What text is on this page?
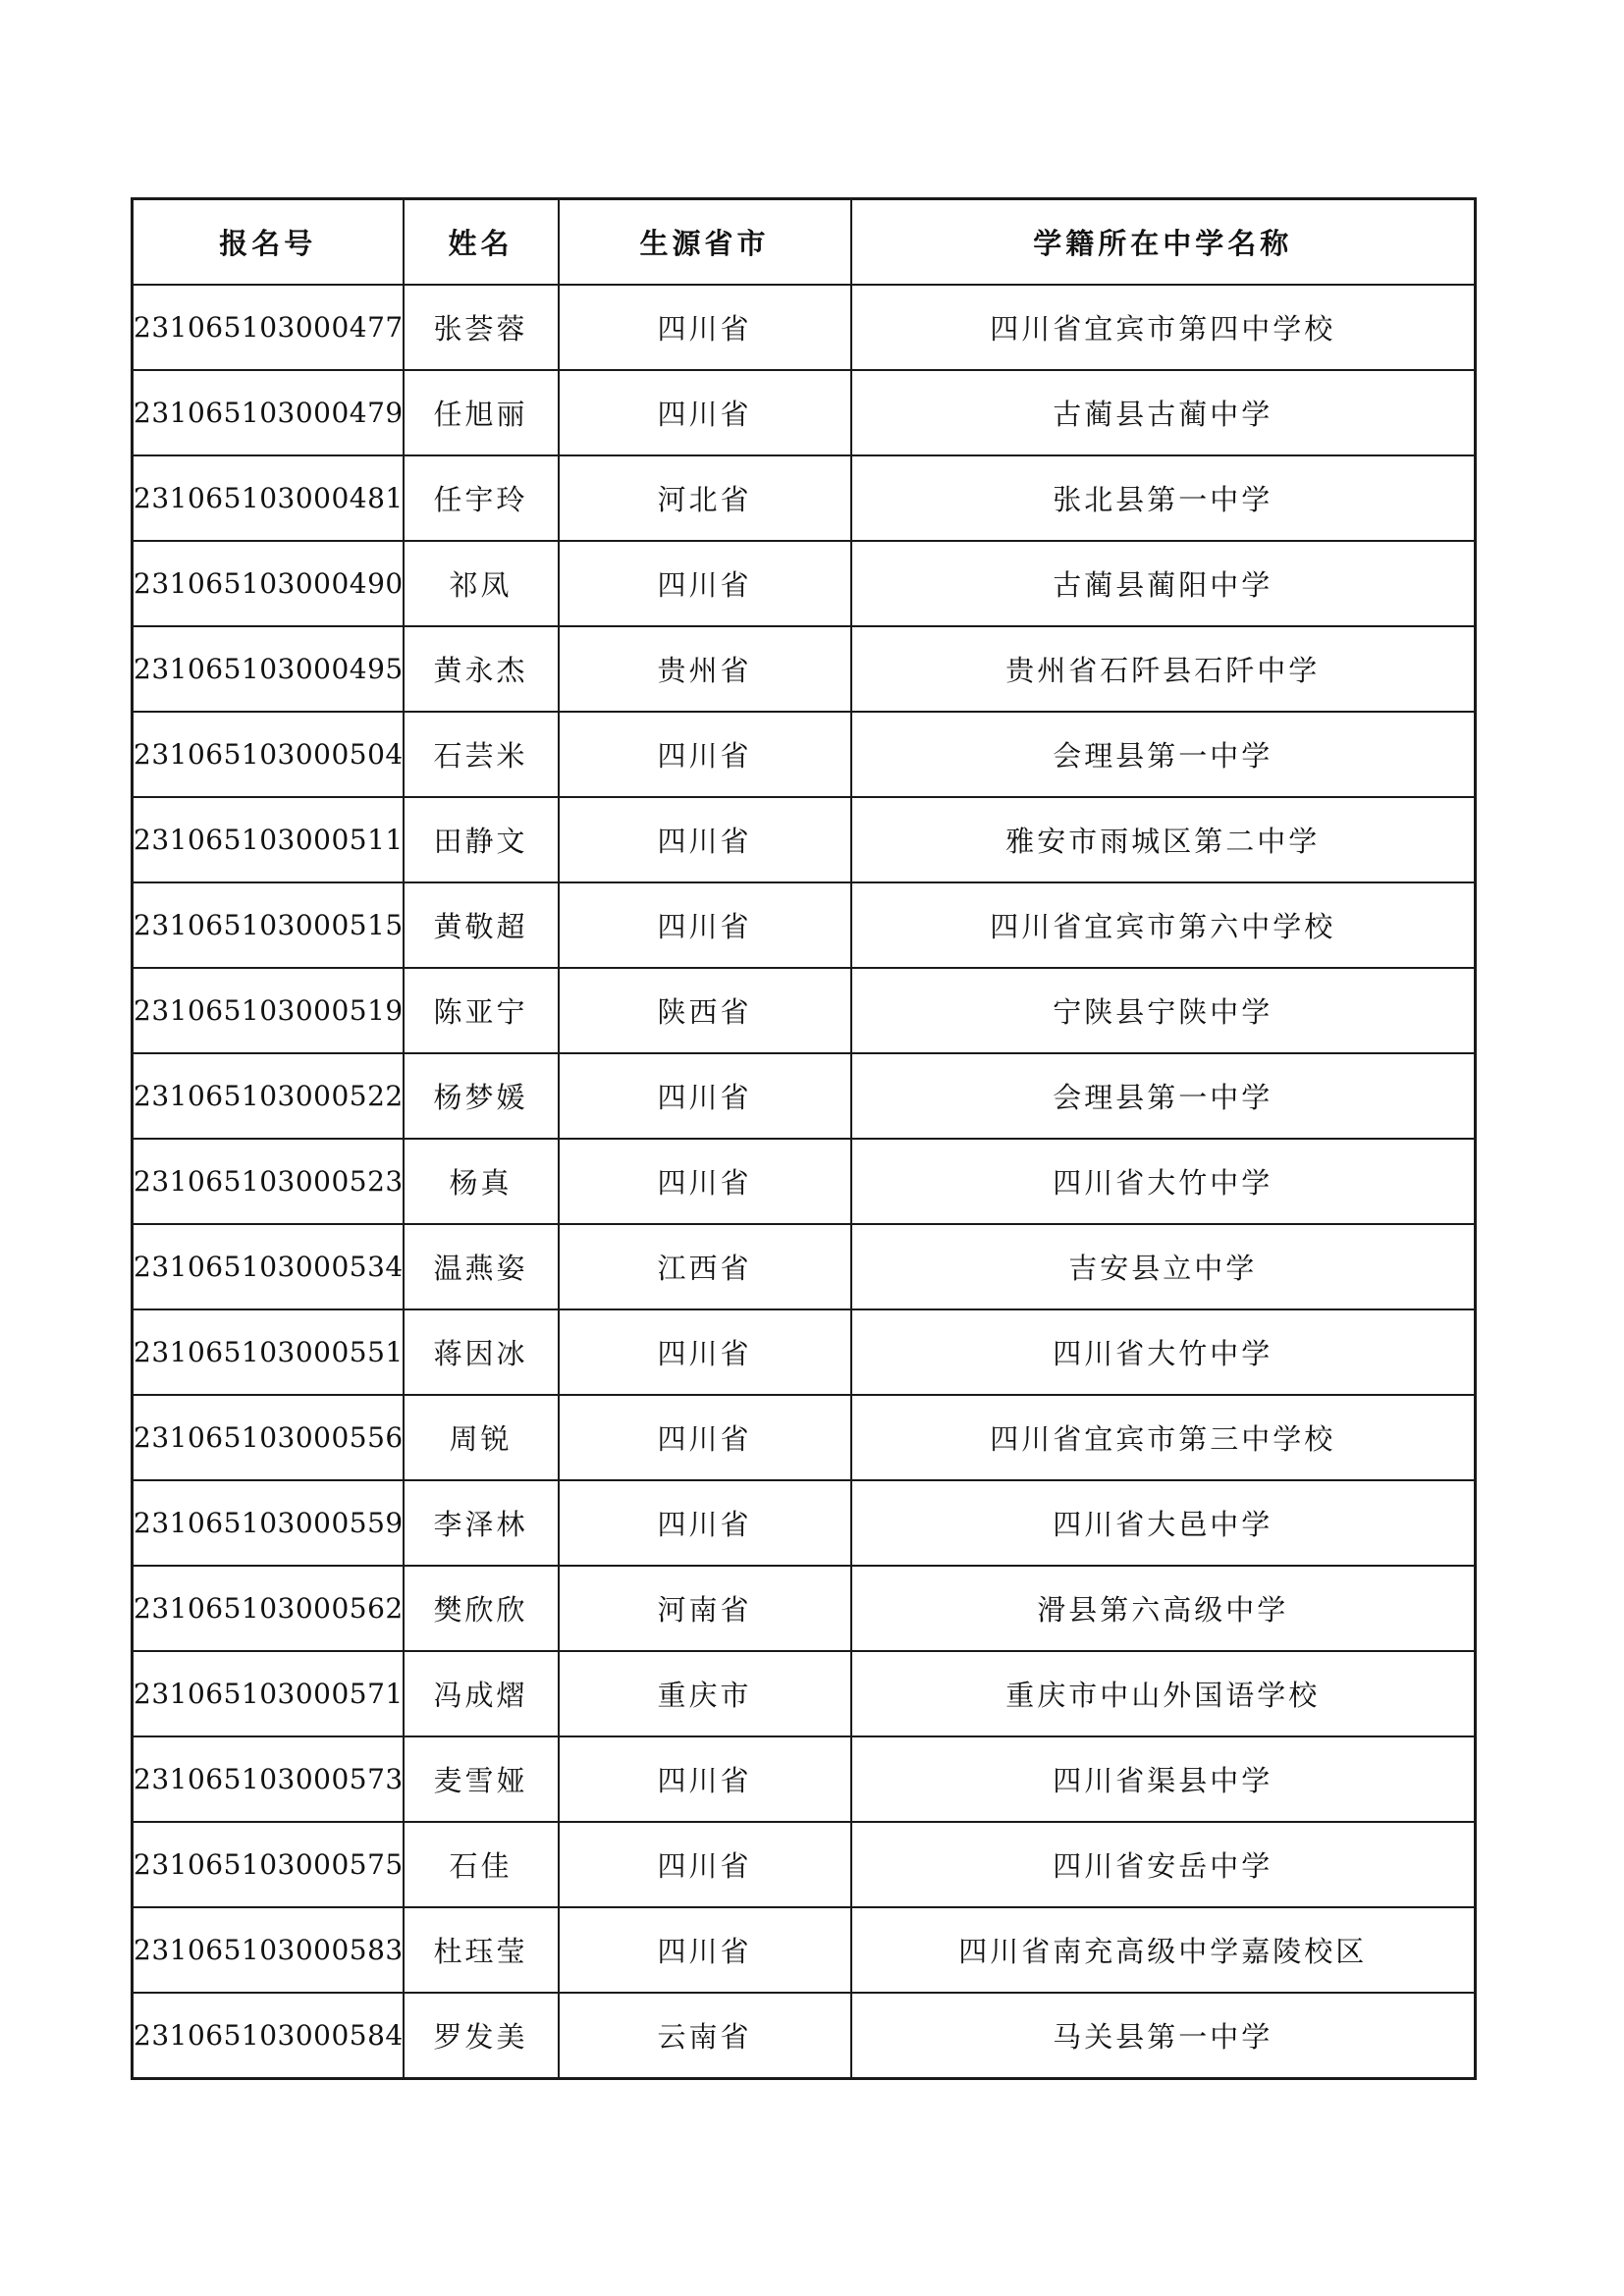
报名号	姓名	生源省市	学籍所在中学名称
231065103000477	张荟蓉	四川省	四川省宜宾市第四中学校
231065103000479	任旭丽	四川省	古蔺县古蔺中学
231065103000481	任宇玲	河北省	张北县第一中学
231065103000490	祁凤	四川省	古蔺县蔺阳中学
231065103000495	黄永杰	贵州省	贵州省石阡县石阡中学
231065103000504	石芸米	四川省	会理县第一中学
231065103000511	田静文	四川省	雅安市雨城区第二中学
231065103000515	黄敬超	四川省	四川省宜宾市第六中学校
231065103000519	陈亚宁	陕西省	宁陕县宁陕中学
231065103000522	杨梦媛	四川省	会理县第一中学
231065103000523	杨真	四川省	四川省大竹中学
231065103000534	温燕姿	江西省	吉安县立中学
231065103000551	蒋因冰	四川省	四川省大竹中学
231065103000556	周锐	四川省	四川省宜宾市第三中学校
231065103000559	李泽林	四川省	四川省大邑中学
231065103000562	樊欣欣	河南省	滑县第六高级中学
231065103000571	冯成熠	重庆市	重庆市中山外国语学校
231065103000573	麦雪娅	四川省	四川省渠县中学
231065103000575	石佳	四川省	四川省安岳中学
231065103000583	杜珏莹	四川省	四川省南充高级中学嘉陵校区
231065103000584	罗发美	云南省	马关县第一中学
